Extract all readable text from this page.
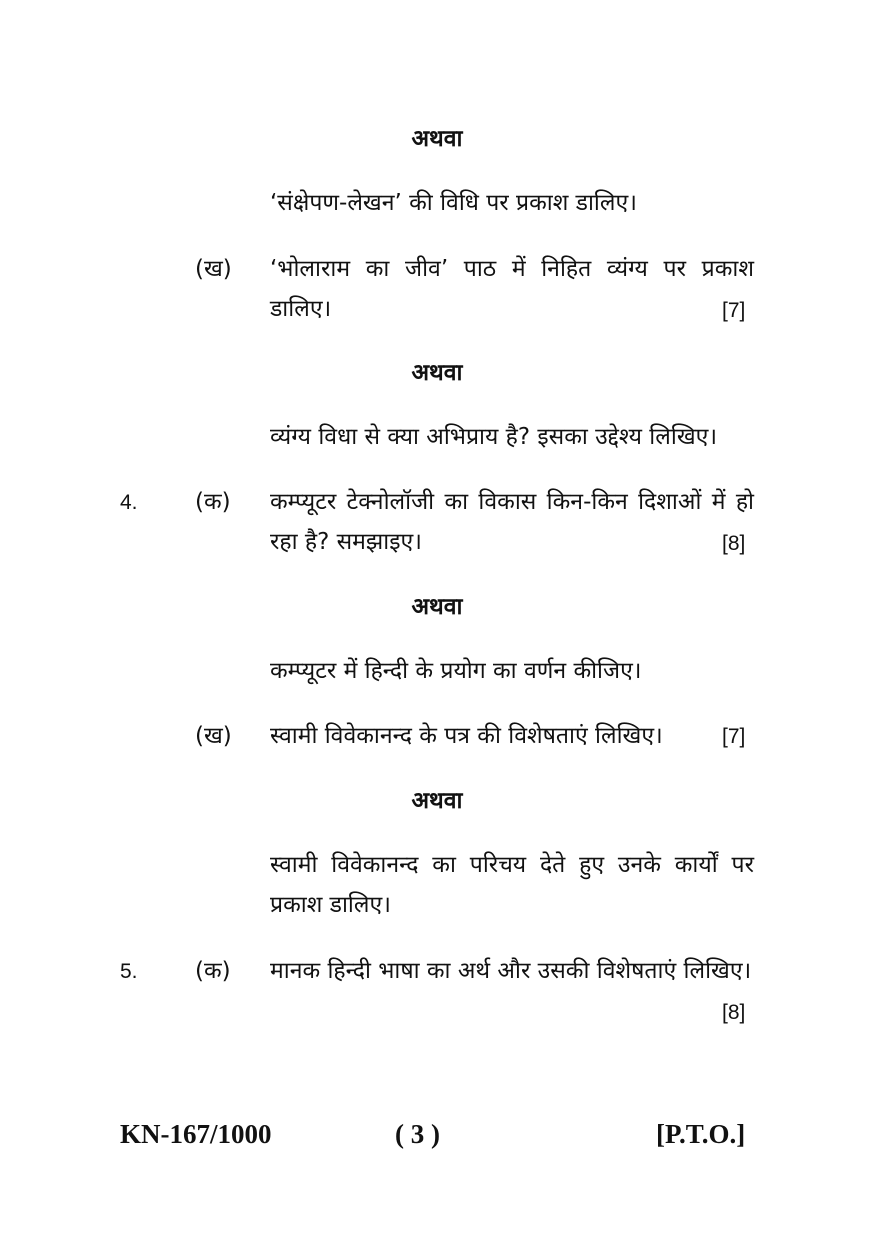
अथवा
‘संक्षेपण-लेखन’ की विधि पर प्रकाश डालिए।
(ख) ‘भोलाराम का जीव’ पाठ में निहित व्यंग्य पर प्रकाश डालिए।	[7]
अथवा
व्यंग्य विधा से क्या अभिप्राय है? इसका उद्देश्य लिखिए।
4. (क) कम्प्यूटर टेक्नोलॉजी का विकास किन-किन दिशाओं में हो रहा है? समझाइए।	[8]
अथवा
कम्प्यूटर में हिन्दी के प्रयोग का वर्णन कीजिए।
(ख) स्वामी विवेकानन्द के पत्र की विशेषताएं लिखिए।	[7]
अथवा
स्वामी विवेकानन्द का परिचय देते हुए उनके कार्यों पर प्रकाश डालिए।
5. (क) मानक हिन्दी भाषा का अर्थ और उसकी विशेषताएं लिखिए।
[8]
KN-167/1000	( 3 )	[P.T.O.]
